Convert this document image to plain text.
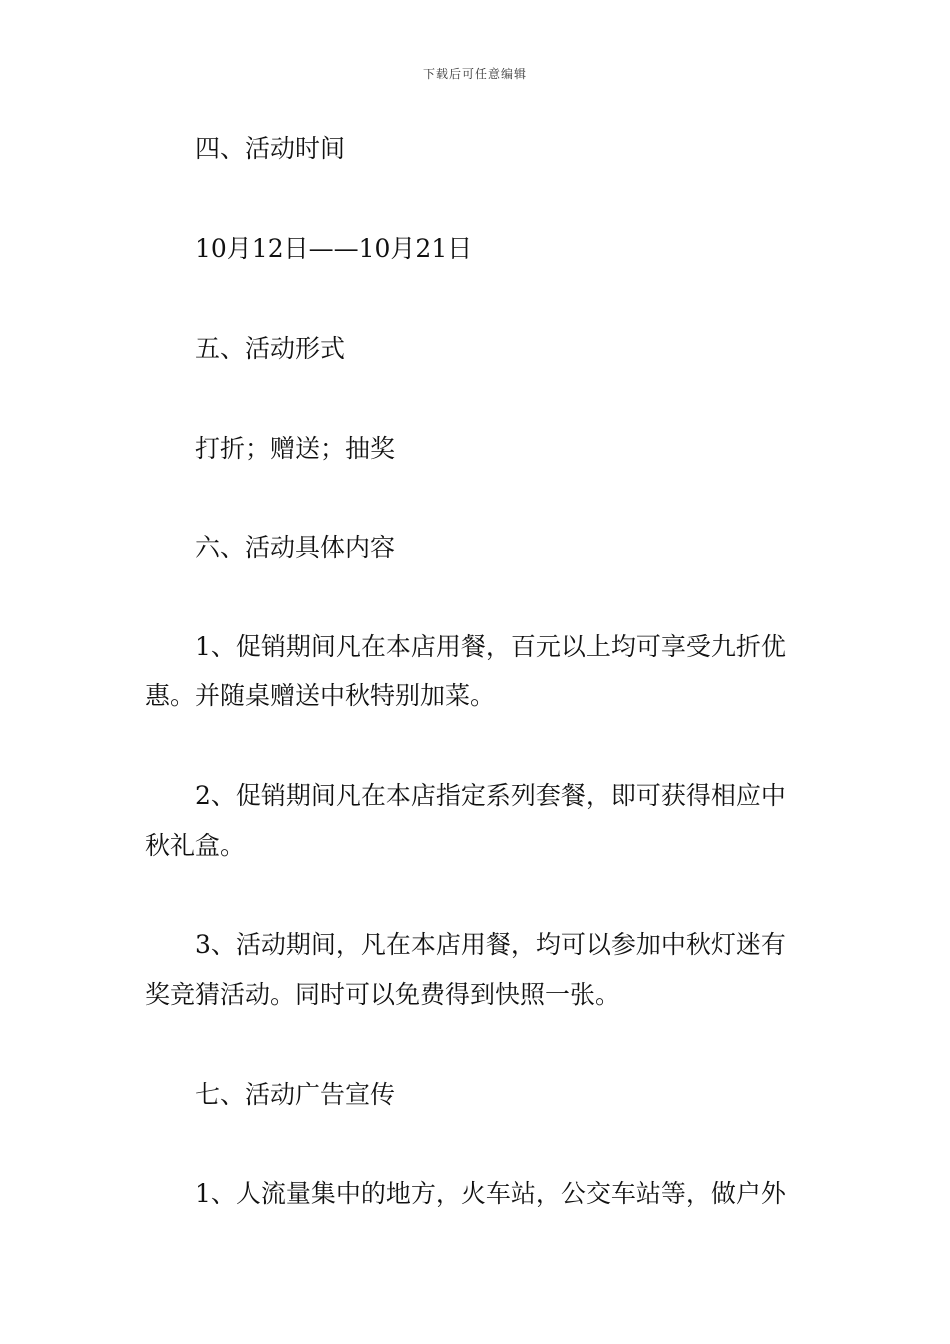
下载后可任意编辑
四、活动时间
10月12日——10月21日
五、活动形式
打折；赠送；抽奖
六、活动具体内容
1、促销期间凡在本店用餐，百元以上均可享受九折优
惠。并随桌赠送中秋特别加菜。
2、促销期间凡在本店指定系列套餐，即可获得相应中
秋礼盒。
3、活动期间，凡在本店用餐，均可以参加中秋灯迷有
奖竞猜活动。同时可以免费得到快照一张。
七、活动广告宣传
1、人流量集中的地方，火车站，公交车站等，做户外
